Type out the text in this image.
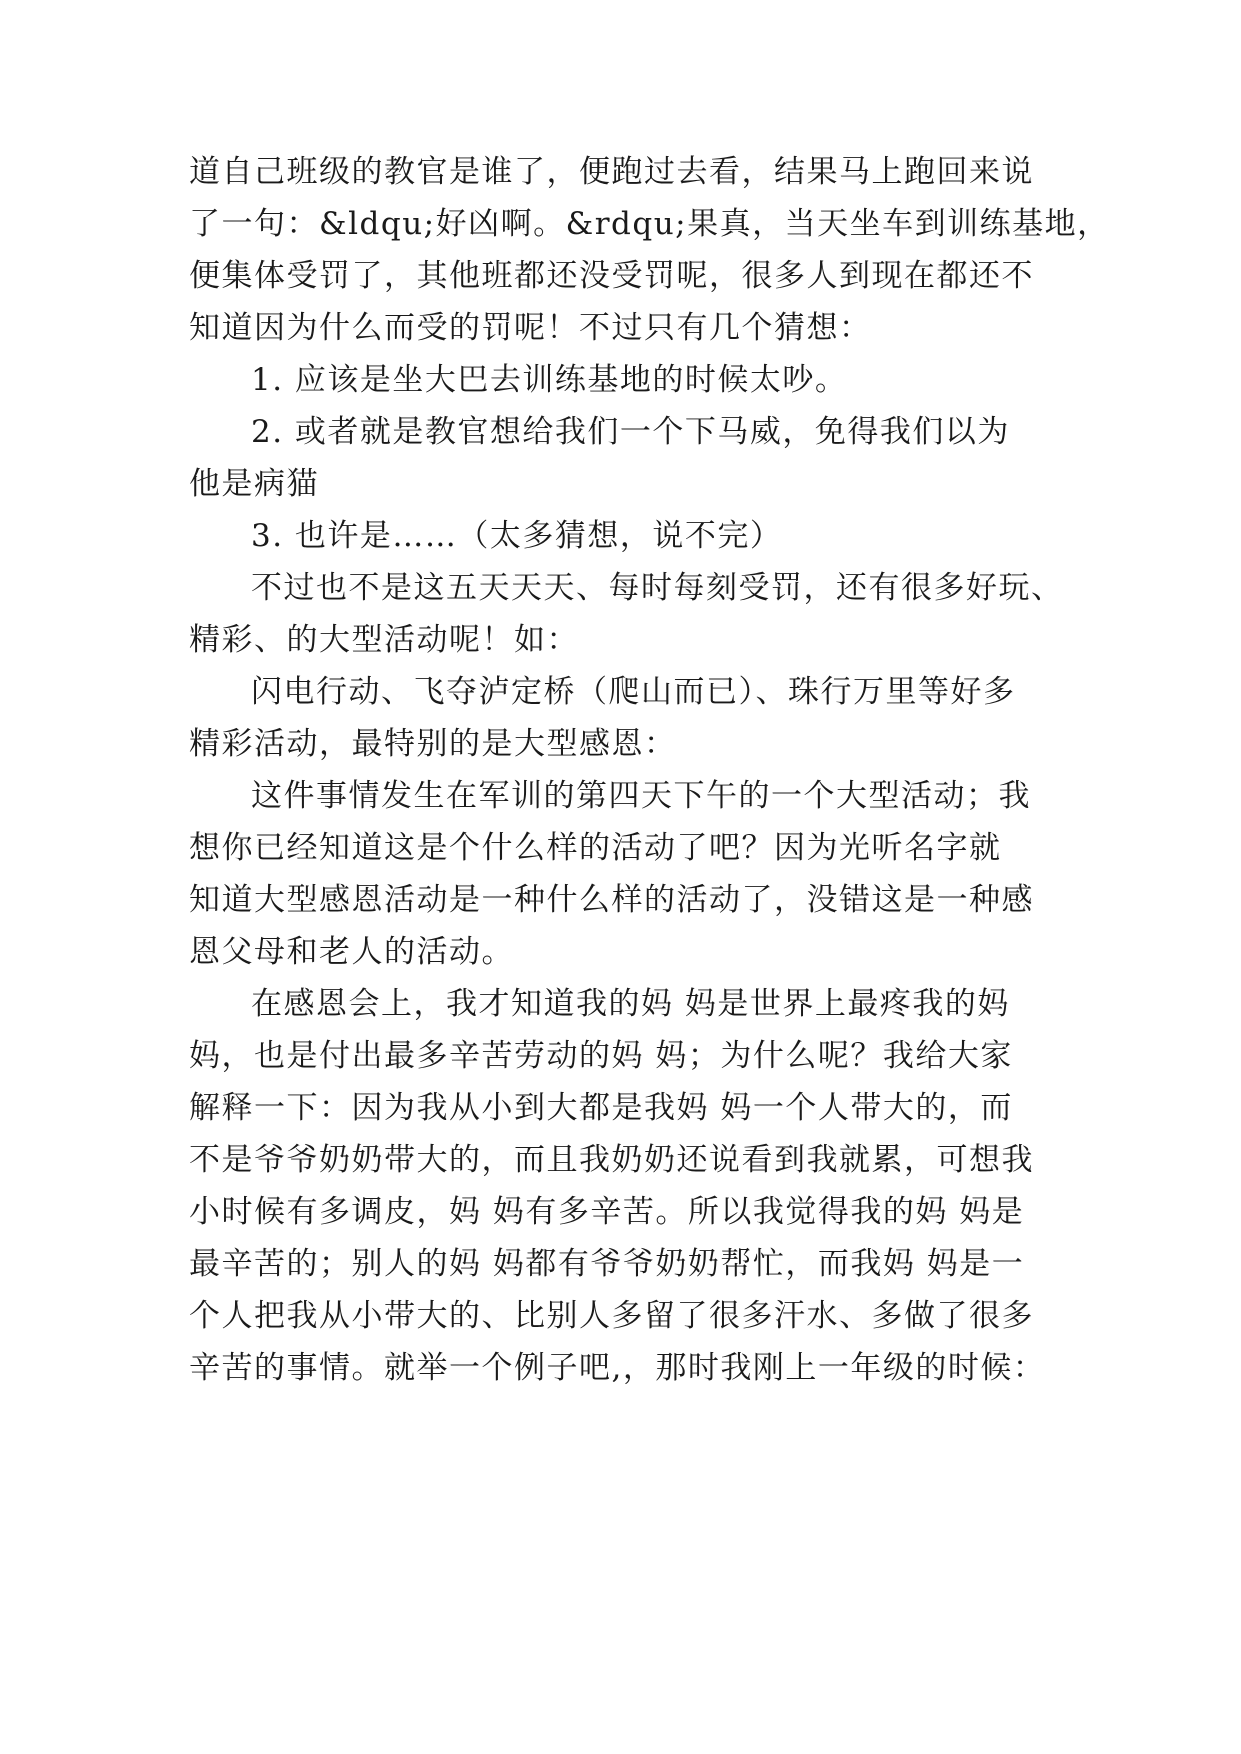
道自己班级的教官是谁了，便跑过去看，结果马上跑回来说
了一句：&ldqu;好凶啊。&rdqu;果真，当天坐车到训练基地，
便集体受罚了，其他班都还没受罚呢，很多人到现在都还不
知道因为什么而受的罚呢！不过只有几个猜想：
1. 应该是坐大巴去训练基地的时候太吵。
2. 或者就是教官想给我们一个下马威，免得我们以为
他是病猫
3. 也许是……（太多猜想，说不完）
不过也不是这五天天天、每时每刻受罚，还有很多好玩、
精彩、的大型活动呢！如：
闪电行动、飞夺泸定桥（爬山而已）、珠行万里等好多
精彩活动，最特别的是大型感恩：
这件事情发生在军训的第四天下午的一个大型活动；我
想你已经知道这是个什么样的活动了吧？因为光听名字就
知道大型感恩活动是一种什么样的活动了，没错这是一种感
恩父母和老人的活动。
在感恩会上，我才知道我的妈 妈是世界上最疼我的妈
妈，也是付出最多辛苦劳动的妈 妈；为什么呢？我给大家
解释一下：因为我从小到大都是我妈 妈一个人带大的，而
不是爷爷奶奶带大的，而且我奶奶还说看到我就累，可想我
小时候有多调皮，妈 妈有多辛苦。所以我觉得我的妈 妈是
最辛苦的；别人的妈 妈都有爷爷奶奶帮忙，而我妈 妈是一
个人把我从小带大的、比别人多留了很多汗水、多做了很多
辛苦的事情。就举一个例子吧,，那时我刚上一年级的时候：
